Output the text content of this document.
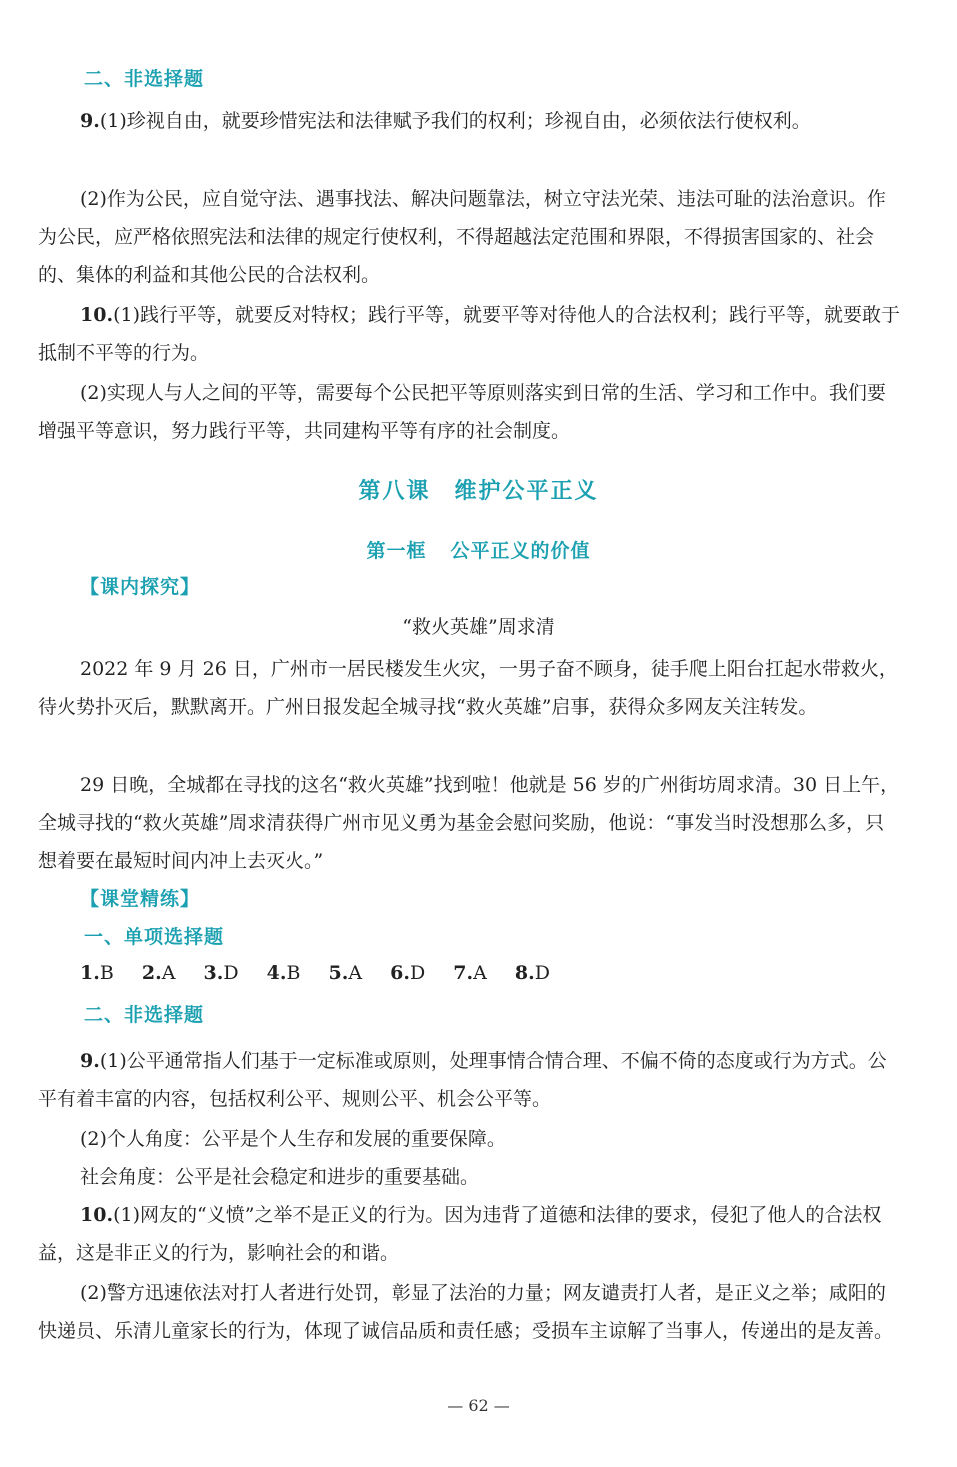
二、非选择题
9.(1)珍视自由，就要珍惜宪法和法律赋予我们的权利；珍视自由，必须依法行使权利。
(2)作为公民，应自觉守法、遇事找法、解决问题靠法，树立守法光荣、违法可耻的法治意识。作为公民，应严格依照宪法和法律的规定行使权利，不得超越法定范围和界限，不得损害国家的、社会的、集体的利益和其他公民的合法权利。
10.(1)践行平等，就要反对特权；践行平等，就要平等对待他人的合法权利；践行平等，就要敢于抵制不平等的行为。
(2)实现人与人之间的平等，需要每个公民把平等原则落实到日常的生活、学习和工作中。我们要增强平等意识，努力践行平等，共同建构平等有序的社会制度。
第八课 维护公平正义
第一框 公平正义的价值
【课内探究】
“救火英雄”周求清
2022 年 9 月 26 日，广州市一居民楼发生火灾，一男子奋不顾身，徒手爬上阳台扛起水带救火，待火势扑灭后，默默离开。广州日报发起全城寻找“救火英雄”启事，获得众多网友关注转发。
29 日晚，全城都在寻找的这名“救火英雄”找到啦！他就是 56 岁的广州街坊周求清。30 日上午，全城寻找的“救火英雄”周求清获得广州市见义勇为基金会慰问奖励，他说：“事发当时没想那么多，只想着要在最短时间内冲上去灭火。”
【课堂精练】
一、单项选择题
1.B 2.A 3.D 4.B 5.A 6.D 7.A 8.D
二、非选择题
9.(1)公平通常指人们基于一定标准或原则，处理事情合情合理、不偏不倚的态度或行为方式。公平有着丰富的内容，包括权利公平、规则公平、机会公平等。
(2)个人角度：公平是个人生存和发展的重要保障。
社会角度：公平是社会稳定和进步的重要基础。
10.(1)网友的“义愤”之举不是正义的行为。因为违背了道德和法律的要求，侵犯了他人的合法权益，这是非正义的行为，影响社会的和谐。
(2)警方迅速依法对打人者进行处罚，彰显了法治的力量；网友谴责打人者，是正义之举；咸阳的快递员、乐清儿童家长的行为，体现了诚信品质和责任感；受损车主谅解了当事人，传递出的是友善。
— 62 —
